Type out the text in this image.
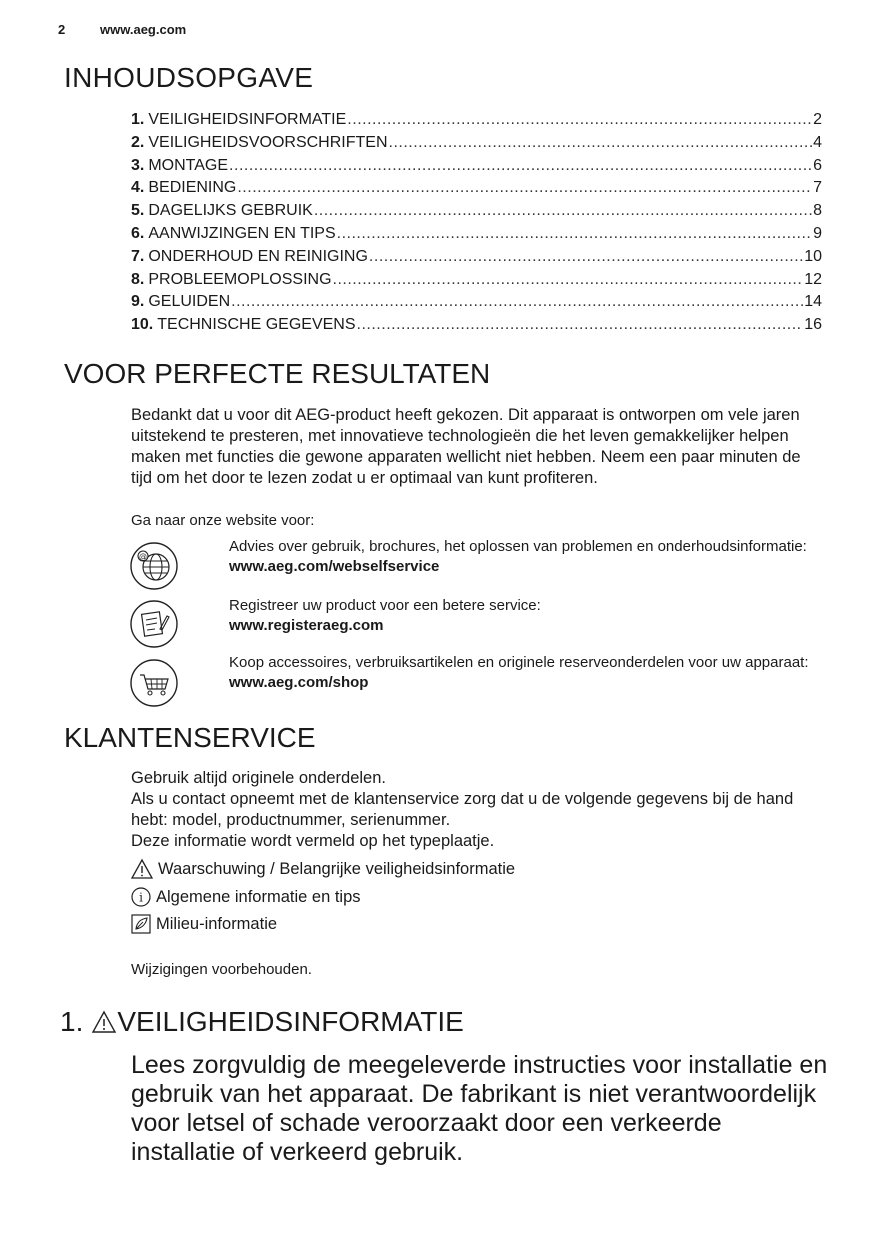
2	www.aeg.com
INHOUDSOPGAVE
1. VEILIGHEIDSINFORMATIE .....	2
2. VEILIGHEIDSVOORSCHRIFTEN .....	4
3. MONTAGE .....	6
4. BEDIENING .....	7
5. DAGELIJKS GEBRUIK .....	8
6. AANWIJZINGEN EN TIPS .....	9
7. ONDERHOUD EN REINIGING .....	10
8. PROBLEEMOPLOSSING .....	12
9. GELUIDEN .....	14
10. TECHNISCHE GEGEVENS .....	16
VOOR PERFECTE RESULTATEN

Bedankt dat u voor dit AEG-product heeft gekozen. Dit apparaat is ontworpen om vele jaren uitstekend te presteren, met innovatieve technologieën die het leven gemakkelijker helpen maken met functies die gewone apparaten wellicht niet hebben. Neem een paar minuten de tijd om het door te lezen zodat u er optimaal van kunt profiteren.

Ga naar onze website voor:
@
Advies over gebruik, brochures, het oplossen van problemen en onderhoudsinformatie:
www.aeg.com/webselfservice
Registreer uw product voor een betere service:
www.registeraeg.com
Koop accessoires, verbruiksartikelen en originele reserveonderdelen voor uw apparaat:
www.aeg.com/shop
KLANTENSERVICE
Gebruik altijd originele onderdelen.
Als u contact opneemt met de klantenservice zorg dat u de volgende gegevens bij de hand hebt: model, productnummer, serienummer.
Deze informatie wordt vermeld op het typeplaatje.
Waarschuwing / Belangrijke veiligheidsinformatie
i Algemene informatie en tips
Milieu-informatie
Wijzigingen voorbehouden.
1. VEILIGHEIDSINFORMATIE

Lees zorgvuldig de meegeleverde instructies voor installatie en gebruik van het apparaat. De fabrikant is niet verantwoordelijk voor letsel of schade veroorzaakt door een verkeerde installatie of verkeerd gebruik.
